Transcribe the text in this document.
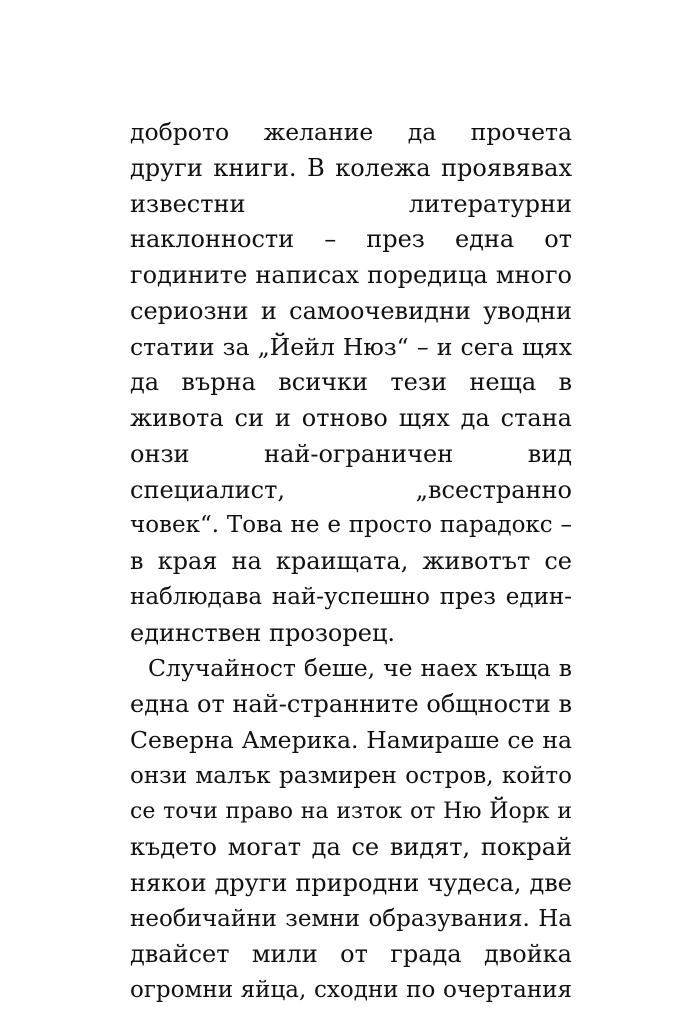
доброто желание да прочета
други книги. В колежа проявявах
известни литературни
наклонности – през една от
годините написах поредица много
сериозни и самоочевидни уводни
статии за „Йейл Нюз“ – и сега щях
да върна всички тези неща в
живота си и отново щях да стана
онзи най-ограничен вид
специалист, „всестранно
човек“. Това не е просто парадокс –
в края на краищата, животът се
наблюдава най-успешно през един-
единствен прозорец.
Случайност беше, че наех къща в
една от най-странните общности в
Северна Америка. Намираше се на
онзи малък размирен остров, който
се точи право на изток от Ню Йорк и
където могат да се видят, покрай
някои други природни чудеса, две
необичайни земни образувания. На
двайсет мили от града двойка
огромни яйца, сходни по очертания
